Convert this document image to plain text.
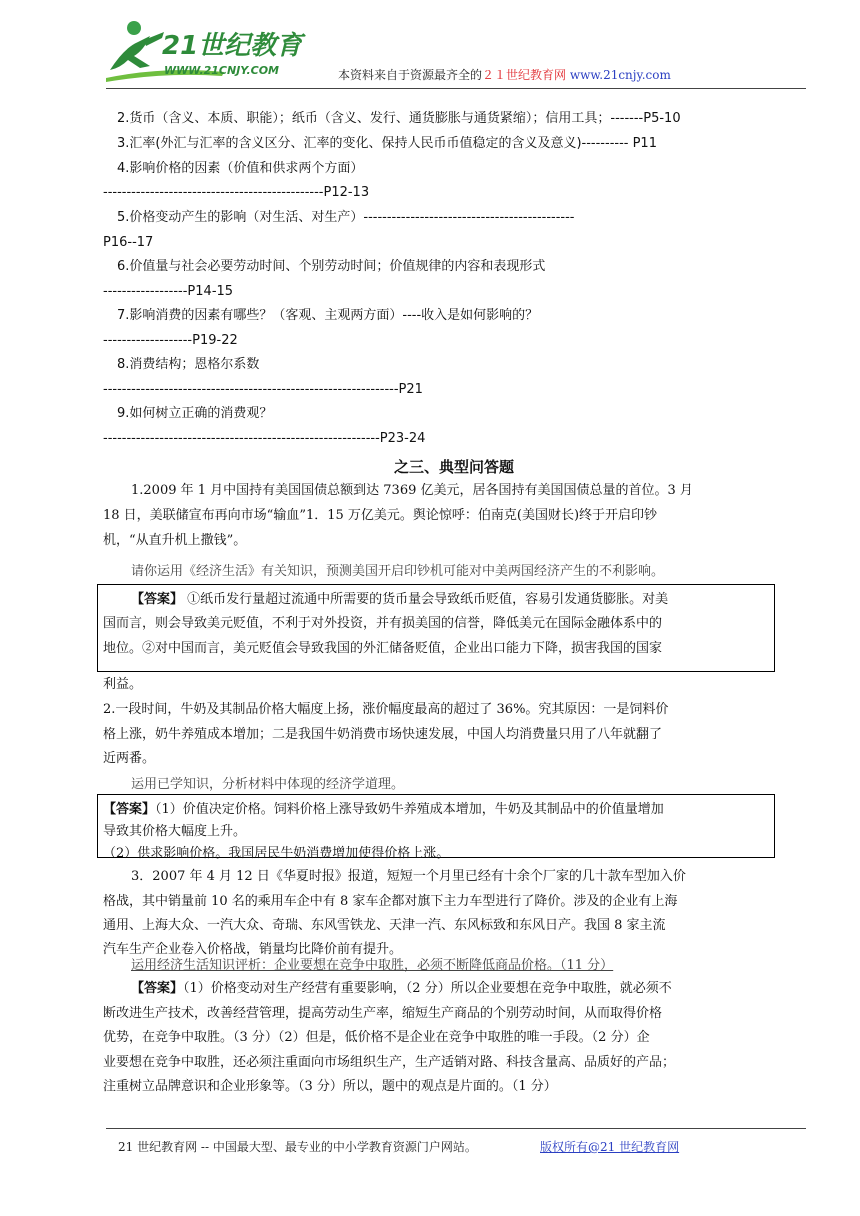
21世纪教育
WWW.21CNJY.COM	本资料来自于资源最齐全的２１世纪教育网 www.21cnjy.com
2.货币（含义、本质、职能）；纸币（含义、发行、通货膨胀与通货紧缩）；信用工具；-------P5-10
3.汇率(外汇与汇率的含义区分、汇率的变化、保持人民币币值稳定的含义及意义)---------- P11
4.影响价格的因素（价值和供求两个方面）
-----------------------------------------------P12-13
5.价格变动产生的影响（对生活、对生产）---------------------------------------------
P16--17
6.价值量与社会必要劳动时间、个别劳动时间；价值规律的内容和表现形式
------------------P14-15
7.影响消费的因素有哪些？（客观、主观两方面）----收入是如何影响的？
-------------------P19-22
8.消费结构；恩格尔系数
---------------------------------------------------------------P21
9.如何树立正确的消费观？
-----------------------------------------------------------P23-24
之三、典型问答题
1.2009 年 1 月中国持有美国国债总额到达 7369 亿美元，居各国持有美国国债总量的首位。3 月
18 日，美联储宣布再向市场“输血”1．15 万亿美元。舆论惊呼：伯南克(美国财长)终于开启印钞
机，“从直升机上撒钱”。
请你运用《经济生活》有关知识，预测美国开启印钞机可能对中美两国经济产生的不利影响。
【答案】 ①纸币发行量超过流通中所需要的货币量会导致纸币贬值，容易引发通货膨胀。对美
国而言，则会导致美元贬值，不利于对外投资，并有损美国的信誉，降低美元在国际金融体系中的
地位。②对中国而言，美元贬值会导致我国的外汇储备贬值，企业出口能力下降，损害我国的国家
利益。
2.一段时间，牛奶及其制品价格大幅度上扬，涨价幅度最高的超过了 36%。究其原因：一是饲料价
格上涨，奶牛养殖成本增加；二是我国牛奶消费市场快速发展，中国人均消费量只用了八年就翻了
近两番。
运用已学知识，分析材料中体现的经济学道理。
【答案】（1）价值决定价格。饲料价格上涨导致奶牛养殖成本增加，牛奶及其制品中的价值量增加
导致其价格大幅度上升。
（2）供求影响价格。我国居民牛奶消费增加使得价格上涨。
3．2007 年 4 月 12 日《华夏时报》报道，短短一个月里已经有十余个厂家的几十款车型加入价
格战，其中销量前 10 名的乘用车企中有 8 家车企都对旗下主力车型进行了降价。涉及的企业有上海
通用、上海大众、一汽大众、奇瑞、东风雪铁龙、天津一汽、东风标致和东风日产。我国 8 家主流
汽车生产企业卷入价格战，销量均比降价前有提升。
运用经济生活知识评析：企业要想在竞争中取胜，必须不断降低商品价格。（11 分）
【答案】（1）价格变动对生产经营有重要影响，（2 分）所以企业要想在竞争中取胜，就必须不
断改进生产技术，改善经营管理，提高劳动生产率，缩短生产商品的个别劳动时间，从而取得价格
优势，在竞争中取胜。（3 分）（2）但是，低价格不是企业在竞争中取胜的唯一手段。（2 分）企
业要想在竞争中取胜，还必须注重面向市场组织生产，生产适销对路、科技含量高、品质好的产品；
注重树立品牌意识和企业形象等。（3 分）所以，题中的观点是片面的。（1 分）
21 世纪教育网 -- 中国最大型、最专业的中小学教育资源门户网站。	版权所有@21 世纪教育网
